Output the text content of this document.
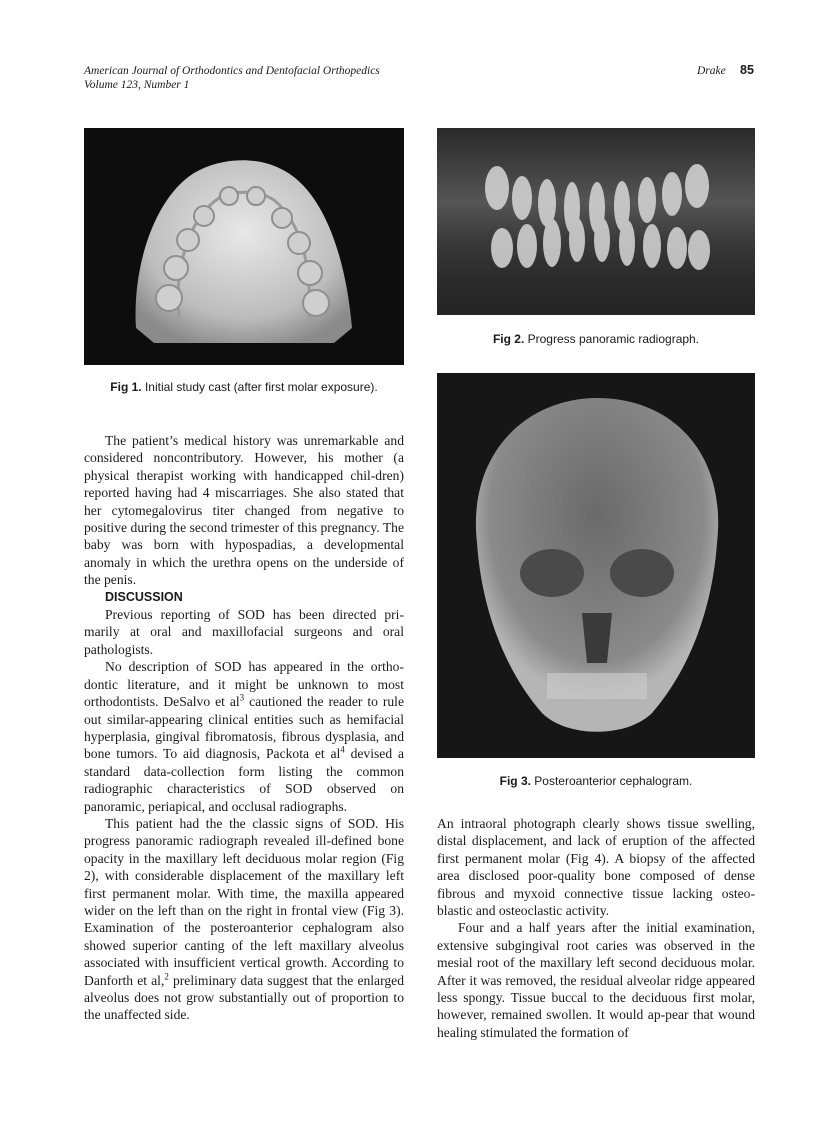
American Journal of Orthodontics and Dentofacial Orthopedics
Volume 123, Number 1
Drake 85
Fig 1. Initial study cast (after first molar exposure).
Fig 2. Progress panoramic radiograph.
Fig 3. Posteroanterior cephalogram.

The patient’s medical history was unremarkable and considered noncontributory. However, his mother (a physical therapist working with handicapped chil-dren) reported having had 4 miscarriages. She also stated that her cytomegalovirus titer changed from negative to positive during the second trimester of this pregnancy. The baby was born with hypospadias, a developmental anomaly in which the urethra opens on the underside of the penis.

DISCUSSION

Previous reporting of SOD has been directed pri-marily at oral and maxillofacial surgeons and oral pathologists.

No description of SOD has appeared in the ortho-dontic literature, and it might be unknown to most orthodontists. DeSalvo et $al^3$ cautioned the reader to rule out similar-appearing clinical entities such as hemifacial hyperplasia, gingival fibromatosis, fibrous dysplasia, and bone tumors. To aid diagnosis, Packota et $al^4$ devised a standard data-collection form listing the common radiographic characteristics of SOD observed on panoramic, periapical, and occlusal radiographs.

This patient had the the classic signs of SOD. His progress panoramic radiograph revealed ill-defined bone opacity in the maxillary left deciduous molar region (Fig 2), with considerable displacement of the maxillary left first permanent molar. With time, the maxilla appeared wider on the left than on the right in frontal view (Fig 3). Examination of the posteroanterior cephalogram also showed superior canting of the left maxillary alveolus associated with insufficient vertical growth. According to Danforth et al,$^2$ preliminary data suggest that the enlarged alveolus does not grow substantially out of proportion to the unaffected side.

An intraoral photograph clearly shows tissue swelling, distal displacement, and lack of eruption of the affected first permanent molar (Fig 4). A biopsy of the affected area disclosed poor-quality bone composed of dense fibrous and myxoid connective tissue lacking osteo-blastic and osteoclastic activity.

Four and a half years after the initial examination, extensive subgingival root caries was observed in the mesial root of the maxillary left second deciduous molar. After it was removed, the residual alveolar ridge appeared less spongy. Tissue buccal to the deciduous first molar, however, remained swollen. It would ap-pear that wound healing stimulated the formation of
